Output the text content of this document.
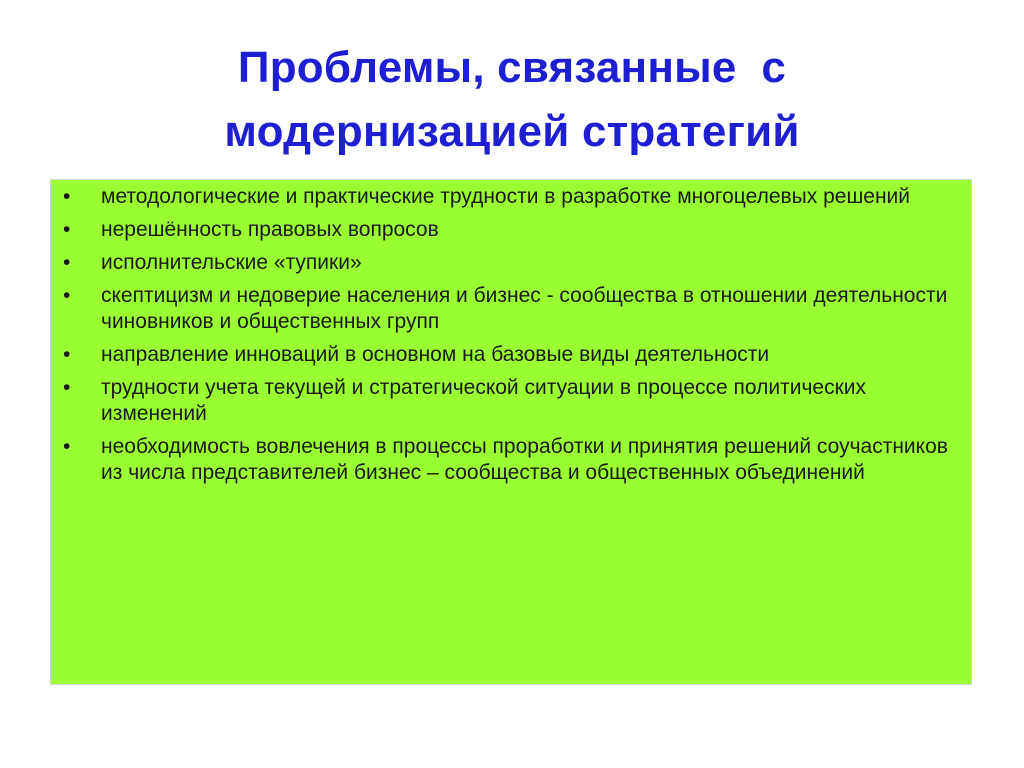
Проблемы, связанные  с
модернизацией стратегий
•	методологические и практические трудности в разработке многоцелевых решений
•	нерешённость правовых вопросов
•	исполнительские «тупики»
•	скептицизм и недоверие населения и бизнес - сообщества в отношении деятельности чиновников и общественных групп
•	направление инноваций в основном на базовые виды деятельности
•	трудности учета текущей и стратегической ситуации в процессе политических изменений
•	необходимость вовлечения в процессы проработки и принятия решений соучастников из числа представителей бизнес – сообщества и общественных объединений
